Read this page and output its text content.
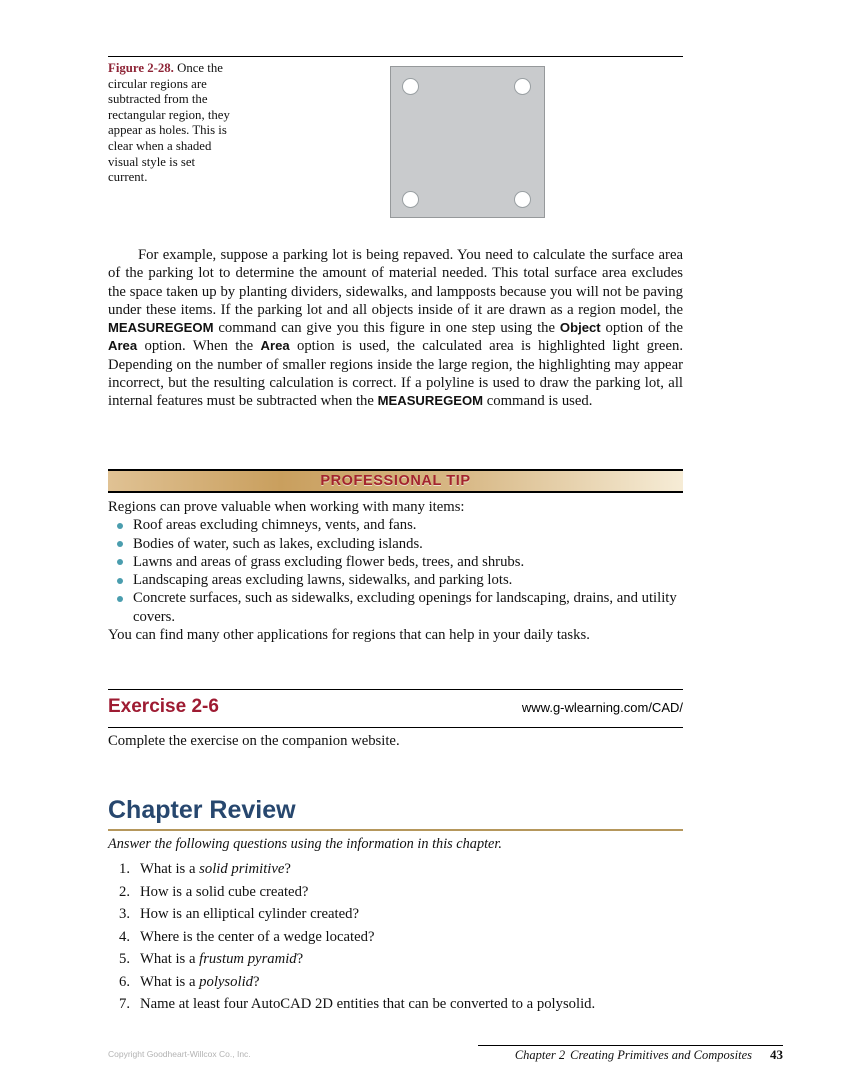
Figure 2-28. Once the circular regions are subtracted from the rectangular region, they appear as holes. This is clear when a shaded visual style is set current.

For example, suppose a parking lot is being repaved. You need to calculate the surface area of the parking lot to determine the amount of material needed. This total surface area excludes the space taken up by planting dividers, sidewalks, and lampposts because you will not be paving under these items. If the parking lot and all objects inside of it are drawn as a region model, the MEASUREGEOM command can give you this figure in one step using the Object option of the Area option. When the Area option is used, the calculated area is highlighted light green. Depending on the number of smaller regions inside the large region, the highlighting may appear incorrect, but the resulting calculation is correct. If a polyline is used to draw the parking lot, all internal features must be subtracted when the MEASUREGEOM command is used.

PROFESSIONAL TIP
Regions can prove valuable when working with many items:
Roof areas excluding chimneys, vents, and fans.
Bodies of water, such as lakes, excluding islands.
Lawns and areas of grass excluding flower beds, trees, and shrubs.
Landscaping areas excluding lawns, sidewalks, and parking lots.
Concrete surfaces, such as sidewalks, excluding openings for landscaping, drains, and utility covers.
You can find many other applications for regions that can help in your daily tasks.
Exercise 2-6	www.g-wlearning.com/CAD/
Complete the exercise on the companion website.
Chapter Review
Answer the following questions using the information in this chapter.
1. What is a solid primitive?
2. How is a solid cube created?
3. How is an elliptical cylinder created?
4. Where is the center of a wedge located?
5. What is a frustum pyramid?
6. What is a polysolid?
7. Name at least four AutoCAD 2D entities that can be converted to a polysolid.
Copyright Goodheart-Willcox Co., Inc.	Chapter 2 Creating Primitives and Composites 43
